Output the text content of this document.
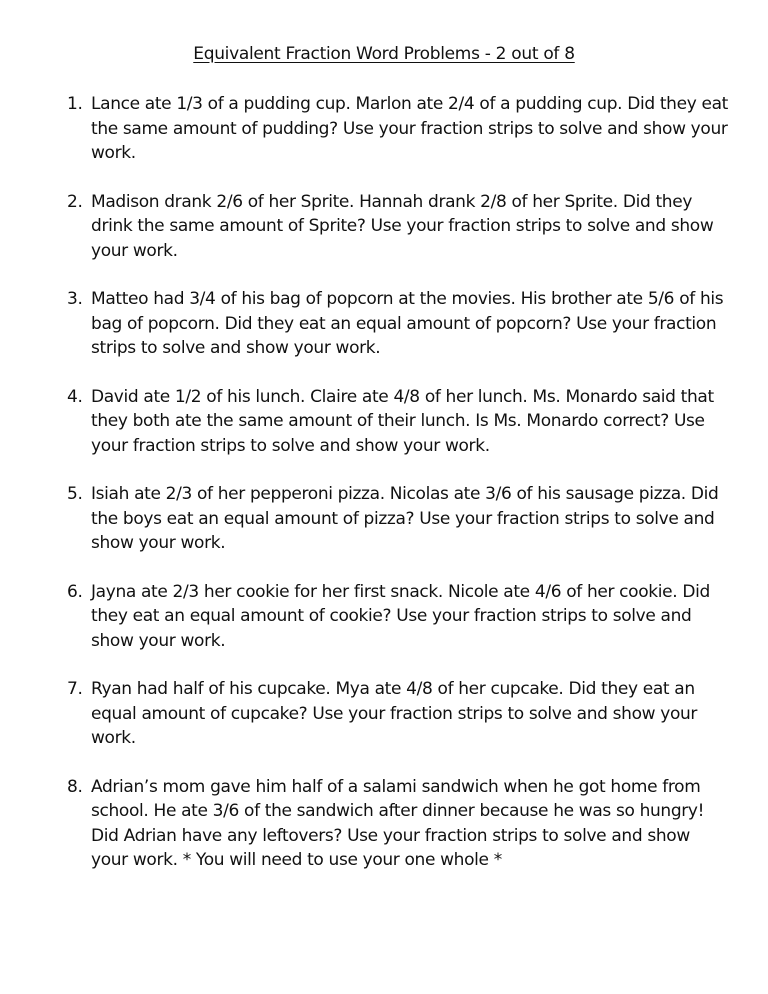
Equivalent Fraction Word Problems - 2 out of 8
1. Lance ate 1/3 of a pudding cup. Marlon ate 2/4 of a pudding cup. Did they eat the same amount of pudding? Use your fraction strips to solve and show your work.
2. Madison drank 2/6 of her Sprite. Hannah drank 2/8 of her Sprite. Did they drink the same amount of Sprite? Use your fraction strips to solve and show your work.
3. Matteo had 3/4 of his bag of popcorn at the movies. His brother ate 5/6 of his bag of popcorn. Did they eat an equal amount of popcorn? Use your fraction strips to solve and show your work.
4. David ate 1/2 of his lunch. Claire ate 4/8 of her lunch. Ms. Monardo said that they both ate the same amount of their lunch. Is Ms. Monardo correct? Use your fraction strips to solve and show your work.
5. Isiah ate 2/3 of her pepperoni pizza. Nicolas ate 3/6 of his sausage pizza. Did the boys eat an equal amount of pizza? Use your fraction strips to solve and show your work.
6. Jayna ate 2/3 her cookie for her first snack. Nicole ate 4/6 of her cookie. Did they eat an equal amount of cookie? Use your fraction strips to solve and show your work.
7. Ryan had half of his cupcake. Mya ate 4/8 of her cupcake. Did they eat an equal amount of cupcake? Use your fraction strips to solve and show your work.
8. Adrian’s mom gave him half of a salami sandwich when he got home from school. He ate 3/6 of the sandwich after dinner because he was so hungry! Did Adrian have any leftovers? Use your fraction strips to solve and show your work. * You will need to use your one whole *
